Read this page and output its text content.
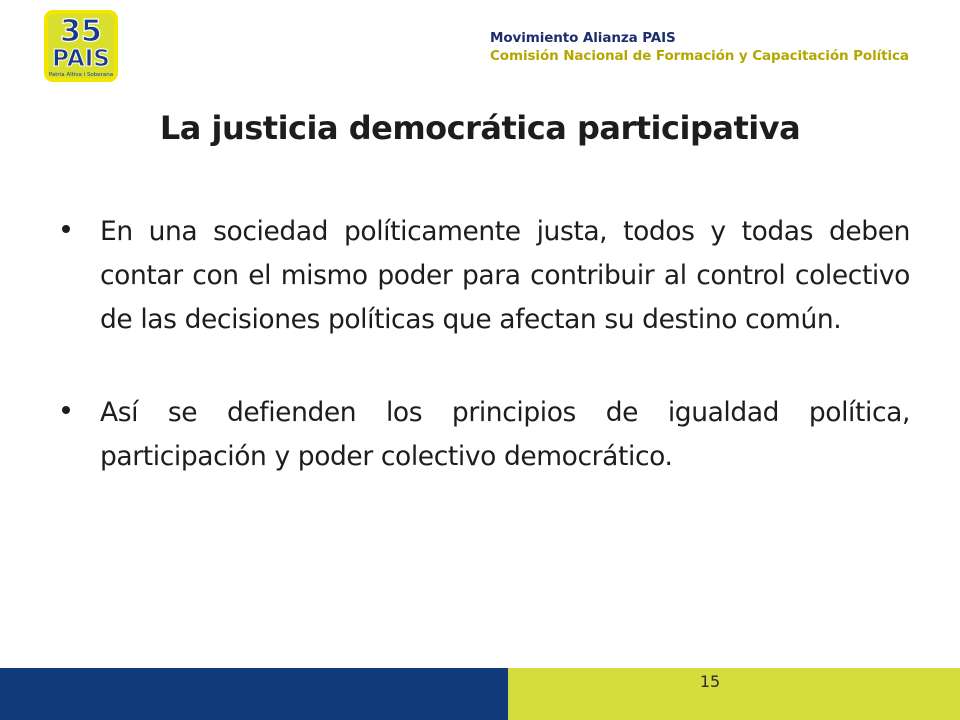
35
PAIS
Patria Altiva i Soberana
Movimiento Alianza PAIS
Comisión Nacional de Formación y Capacitación Política
La justicia democrática participativa
En una sociedad políticamente justa, todos y todas deben contar con el mismo poder para contribuir al control colectivo de las decisiones políticas que afectan su destino común.
Así se defienden los principios de igualdad política, participación y poder colectivo democrático.
15
